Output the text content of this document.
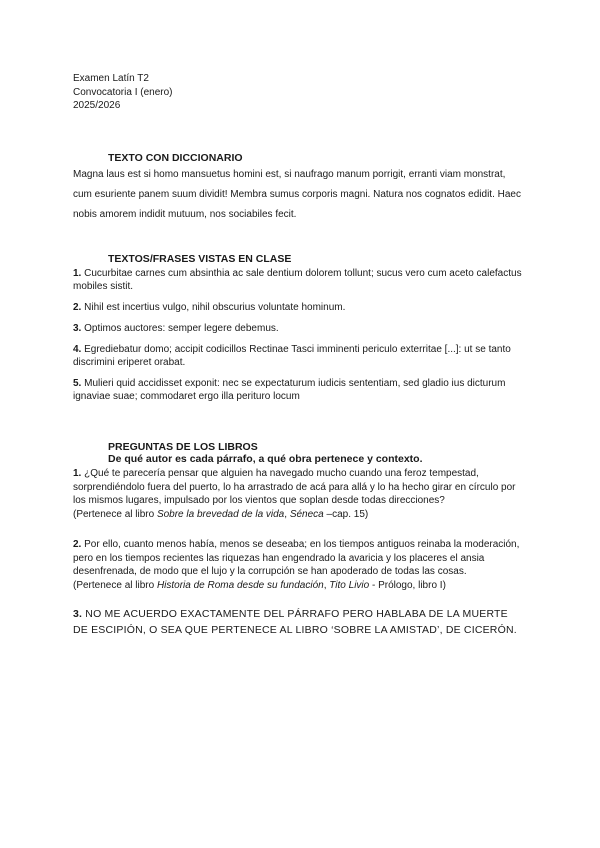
Examen Latín T2
Convocatoria I (enero)
2025/2026
TEXTO CON DICCIONARIO
Magna laus est si homo mansuetus homini est, si naufrago manum porrigit, erranti viam monstrat, cum esuriente panem suum dividit! Membra sumus corporis magni. Natura nos cognatos edidit. Haec nobis amorem indidit mutuum, nos sociabiles fecit.
TEXTOS/FRASES VISTAS EN CLASE
1. Cucurbitae carnes cum absinthia ac sale dentium dolorem tollunt; sucus vero cum aceto calefactus mobiles sistit.
2. Nihil est incertius vulgo, nihil obscurius voluntate hominum.
3. Optimos auctores: semper legere debemus.
4. Egrediebatur domo; accipit codicillos Rectinae Tasci imminenti periculo exterritae [...]: ut se tanto discrimini eriperet orabat.
5. Mulieri quid accidisset exponit: nec se expectaturum iudicis sententiam, sed gladio ius dicturum ignaviae suae; commodaret ergo illa perituro locum
PREGUNTAS DE LOS LIBROS
De qué autor es cada párrafo, a qué obra pertenece y contexto.
1. ¿Qué te parecería pensar que alguien ha navegado mucho cuando una feroz tempestad, sorprendiéndolo fuera del puerto, lo ha arrastrado de acá para allá y lo ha hecho girar en círculo por los mismos lugares, impulsado por los vientos que soplan desde todas direcciones?
(Pertenece al libro Sobre la brevedad de la vida, Séneca –cap. 15)
2. Por ello, cuanto menos había, menos se deseaba; en los tiempos antiguos reinaba la moderación, pero en los tiempos recientes las riquezas han engendrado la avaricia y los placeres el ansia desenfrenada, de modo que el lujo y la corrupción se han apoderado de todas las cosas.
(Pertenece al libro Historia de Roma desde su fundación, Tito Livio - Prólogo, libro I)
3. NO ME ACUERDO EXACTAMENTE DEL PÁRRAFO PERO HABLABA DE LA MUERTE DE ESCIPIÓN, O SEA QUE PERTENECE AL LIBRO ‘SOBRE LA AMISTAD’, DE CICERÓN.
